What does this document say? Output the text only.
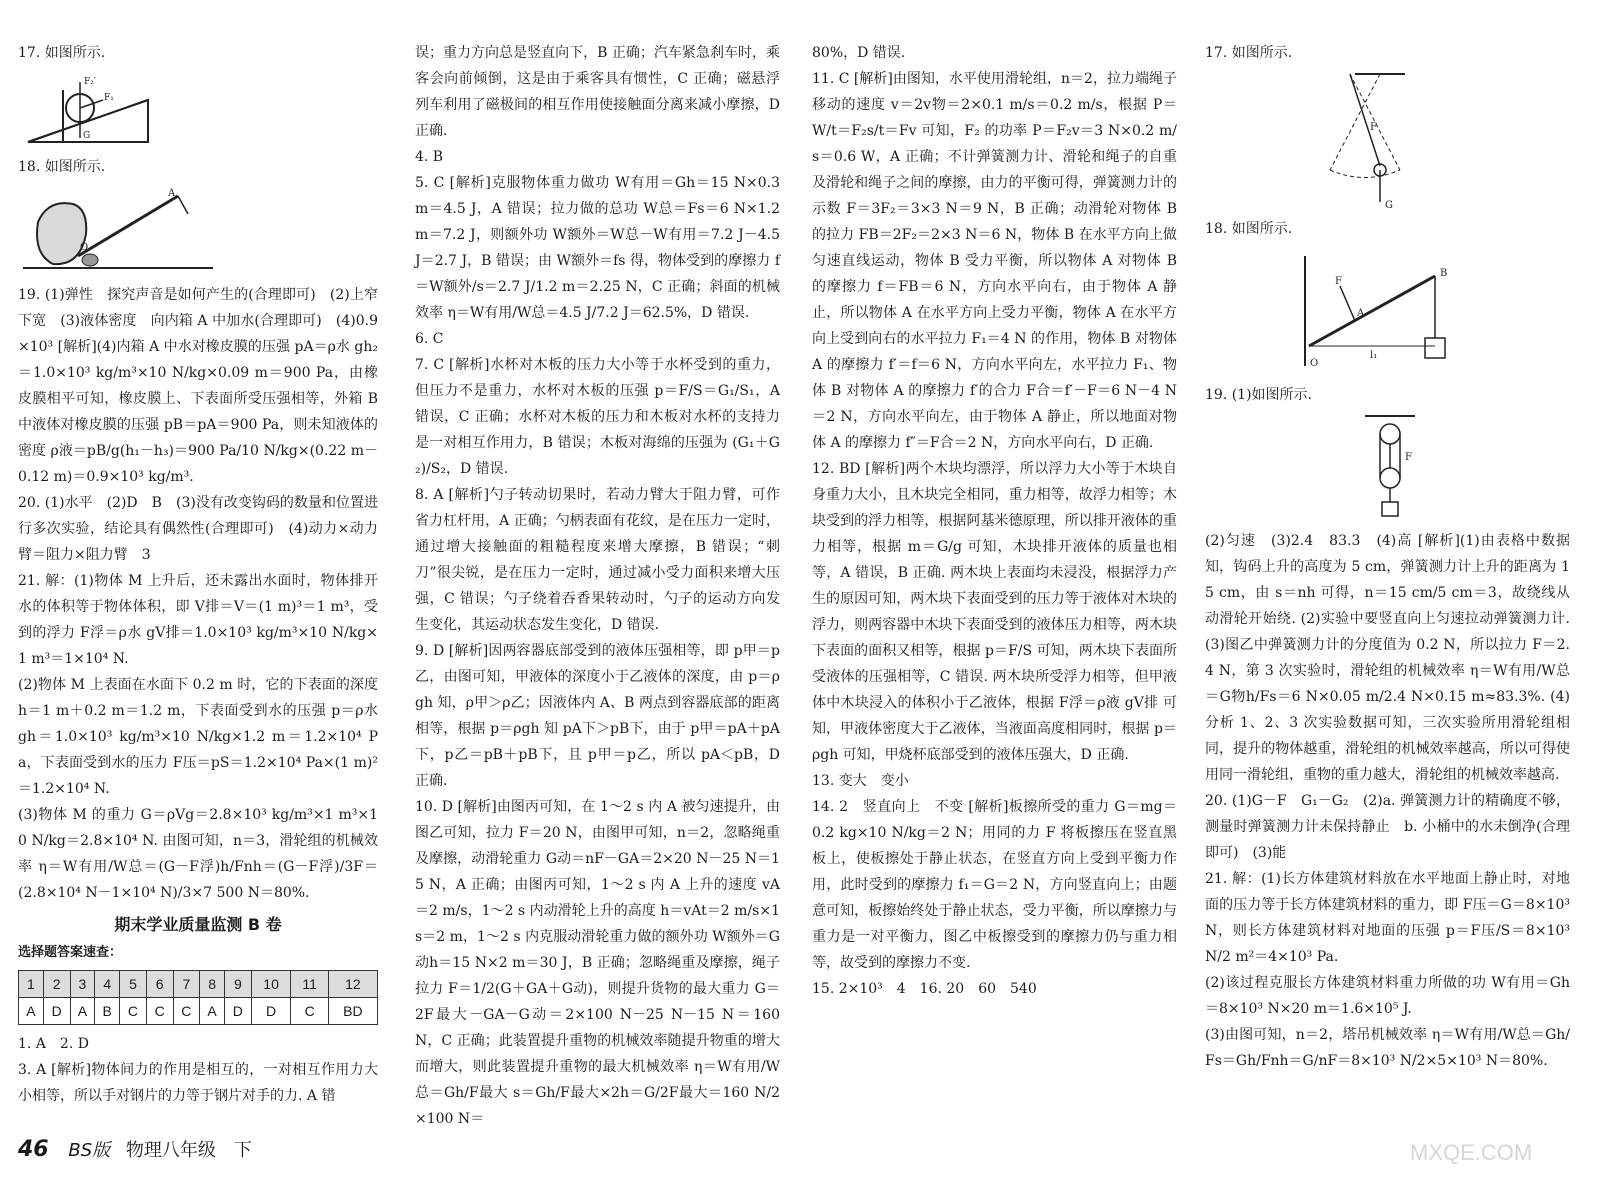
17. 如图所示.

F₂′
F₁
G

18. 如图所示.

O
A

19. (1)弹性　探究声音是如何产生的(合理即可)　(2)上窄下宽　(3)液体密度　向内箱 A 中加水(合理即可)　(4)0.9×10³ [解析](4)内箱 A 中水对橡皮膜的压强 pA＝ρ水 gh₂＝1.0×10³ kg/m³×10 N/kg×0.09 m＝900 Pa，由橡皮膜相平可知，橡皮膜上、下表面所受压强相等，外箱 B 中液体对橡皮膜的压强 pB＝pA＝900 Pa，则未知液体的密度 ρ液＝pB/g(h₁－h₃)＝900 Pa/10 N/kg×(0.22 m－0.12 m)＝0.9×10³ kg/m³.

20. (1)水平　(2)D　B　(3)没有改变钩码的数量和位置进行多次实验，结论具有偶然性(合理即可)　(4)动力×动力臂＝阻力×阻力臂　3

21. 解：(1)物体 M 上升后，还未露出水面时，物体排开水的体积等于物体体积，即 V排＝V＝(1 m)³＝1 m³，受到的浮力 F浮＝ρ水 gV排＝1.0×10³ kg/m³×10 N/kg×1 m³＝1×10⁴ N.
(2)物体 M 上表面在水面下 0.2 m 时，它的下表面的深度 h＝1 m＋0.2 m＝1.2 m，下表面受到水的压强 p＝ρ水 gh＝1.0×10³ kg/m³×10 N/kg×1.2 m＝1.2×10⁴ Pa，下表面受到水的压力 F压＝pS＝1.2×10⁴ Pa×(1 m)²＝1.2×10⁴ N.
(3)物体 M 的重力 G＝ρVg＝2.8×10³ kg/m³×1 m³×10 N/kg＝2.8×10⁴ N. 由图可知，n＝3，滑轮组的机械效率 η＝W有用/W总＝(G－F浮)h/Fnh＝(G－F浮)/3F＝(2.8×10⁴ N－1×10⁴ N)/3×7 500 N＝80%.

期末学业质量监测 B 卷
选择题答案速查：
1	2	3	4	5	6	7	8	9	10	11	12
A	D	A	B	C	C	C	A	D	D	C	BD

1. A　2. D

3. A [解析]物体间力的作用是相互的，一对相互作用力大小相等，所以手对钢片的力等于钢片对手的力. A 错

误；重力方向总是竖直向下，B 正确；汽车紧急刹车时，乘客会向前倾倒，这是由于乘客具有惯性，C 正确；磁悬浮列车利用了磁极间的相互作用使接触面分离来减小摩擦，D 正确.

4. B

5. C [解析]克服物体重力做功 W有用＝Gh＝15 N×0.3 m＝4.5 J，A 错误；拉力做的总功 W总＝Fs＝6 N×1.2 m＝7.2 J，则额外功 W额外＝W总－W有用＝7.2 J－4.5 J＝2.7 J，B 错误；由 W额外＝fs 得，物体受到的摩擦力 f＝W额外/s＝2.7 J/1.2 m＝2.25 N，C 正确；斜面的机械效率 η＝W有用/W总＝4.5 J/7.2 J＝62.5%，D 错误.

6. C

7. C [解析]水杯对木板的压力大小等于水杯受到的重力，但压力不是重力，水杯对木板的压强 p＝F/S＝G₁/S₁，A 错误，C 正确；水杯对木板的压力和木板对水杯的支持力是一对相互作用力，B 错误；木板对海绵的压强为 (G₁＋G₂)/S₂，D 错误.

8. A [解析]勺子转动切果时，若动力臂大于阻力臂，可作省力杠杆用，A 正确；勺柄表面有花纹，是在压力一定时，通过增大接触面的粗糙程度来增大摩擦，B 错误；“刺刀”很尖锐，是在压力一定时，通过减小受力面积来增大压强，C 错误；勺子绕着吞香果转动时，勺子的运动方向发生变化，其运动状态发生变化，D 错误.

9. D [解析]因两容器底部受到的液体压强相等，即 p甲＝p乙，由图可知，甲液体的深度小于乙液体的深度，由 p＝ρgh 知，ρ甲＞ρ乙；因液体内 A、B 两点到容器底部的距离相等，根据 p＝ρgh 知 pA下＞pB下，由于 p甲＝pA＋pA下，p乙＝pB＋pB下，且 p甲＝p乙，所以 pA＜pB，D 正确.

10. D [解析]由图丙可知，在 1～2 s 内 A 被匀速提升，由图乙可知，拉力 F＝20 N，由图甲可知，n＝2，忽略绳重及摩擦，动滑轮重力 G动＝nF－GA＝2×20 N－25 N＝15 N，A 正确；由图丙可知，1～2 s 内 A 上升的速度 vA＝2 m/s，1～2 s 内动滑轮上升的高度 h＝vAt＝2 m/s×1 s＝2 m，1～2 s 内克服动滑轮重力做的额外功 W额外＝G动h＝15 N×2 m＝30 J，B 正确；忽略绳重及摩擦，绳子拉力 F＝1/2(G＋GA＋G动)，则提升货物的最大重力 G＝2F最大－GA－G动＝2×100 N－25 N－15 N＝160 N，C 正确；此装置提升重物的机械效率随提升物重的增大而增大，则此装置提升重物的最大机械效率 η＝W有用/W总＝Gh/F最大 s＝Gh/F最大×2h＝G/2F最大＝160 N/2×100 N＝

80%，D 错误.

11. C [解析]由图知，水平使用滑轮组，n＝2，拉力端绳子移动的速度 v＝2v物＝2×0.1 m/s＝0.2 m/s，根据 P＝W/t＝F₂s/t＝Fv 可知，F₂ 的功率 P＝F₂v＝3 N×0.2 m/s＝0.6 W，A 正确；不计弹簧测力计、滑轮和绳子的自重及滑轮和绳子之间的摩擦，由力的平衡可得，弹簧测力计的示数 F＝3F₂＝3×3 N＝9 N，B 正确；动滑轮对物体 B 的拉力 FB＝2F₂＝2×3 N＝6 N，物体 B 在水平方向上做匀速直线运动，物体 B 受力平衡，所以物体 A 对物体 B 的摩擦力 f＝FB＝6 N，方向水平向右，由于物体 A 静止，所以物体 A 在水平方向上受力平衡，物体 A 在水平方向上受到向右的水平拉力 F₁＝4 N 的作用，物体 B 对物体 A 的摩擦力 f′＝f＝6 N，方向水平向左，水平拉力 F₁、物体 B 对物体 A 的摩擦力 f′的合力 F合＝f′－F＝6 N－4 N＝2 N，方向水平向左，由于物体 A 静止，所以地面对物体 A 的摩擦力 f″＝F合＝2 N，方向水平向右，D 正确.

12. BD [解析]两个木块均漂浮，所以浮力大小等于木块自身重力大小，且木块完全相同，重力相等，故浮力相等；木块受到的浮力相等，根据阿基米德原理，所以排开液体的重力相等，根据 m＝G/g 可知，木块排开液体的质量也相等，A 错误，B 正确. 两木块上表面均未浸没，根据浮力产生的原因可知，两木块下表面受到的压力等于液体对木块的浮力，则两容器中木块下表面受到的液体压力相等，两木块下表面的面积又相等，根据 p＝F/S 可知，两木块下表面所受液体的压强相等，C 错误. 两木块所受浮力相等，但甲液体中木块浸入的体积小于乙液体，根据 F浮＝ρ液 gV排 可知，甲液体密度大于乙液体，当液面高度相同时，根据 p＝ρgh 可知，甲烧杯底部受到的液体压强大，D 正确.

13. 变大　变小

14. 2　竖直向上　不变 [解析]板擦所受的重力 G＝mg＝0.2 kg×10 N/kg＝2 N；用同的力 F 将板擦压在竖直黑板上，使板擦处于静止状态，在竖直方向上受到平衡力作用，此时受到的摩擦力 f₁＝G＝2 N，方向竖直向上；由题意可知，板擦始终处于静止状态，受力平衡，所以摩擦力与重力是一对平衡力，图乙中板擦受到的摩擦力仍与重力相等，故受到的摩擦力不变.

15. 2×10³　4　16. 20　60　540

17. 如图所示.

F
G

18. 如图所示.

O
F
B
A
l₁

19. (1)如图所示.

F

(2)匀速　(3)2.4　83.3　(4)高 [解析](1)由表格中数据知，钩码上升的高度为 5 cm，弹簧测力计上升的距离为 15 cm，由 s＝nh 可得，n＝15 cm/5 cm＝3，故绕线从动滑轮开始绕. (2)实验中要竖直向上匀速拉动弹簧测力计. (3)图乙中弹簧测力计的分度值为 0.2 N，所以拉力 F＝2.4 N，第 3 次实验时，滑轮组的机械效率 η＝W有用/W总＝G物h/Fs＝6 N×0.05 m/2.4 N×0.15 m≈83.3%. (4)分析 1、2、3 次实验数据可知，三次实验所用滑轮组相同，提升的物体越重，滑轮组的机械效率越高，所以可得使用同一滑轮组，重物的重力越大，滑轮组的机械效率越高.

20. (1)G－F　G₁－G₂　(2)a. 弹簧测力计的精确度不够，测量时弹簧测力计未保持静止　b. 小桶中的水未倒净(合理即可)　(3)能

21. 解：(1)长方体建筑材料放在水平地面上静止时，对地面的压力等于长方体建筑材料的重力，即 F压＝G＝8×10³ N，则长方体建筑材料对地面的压强 p＝F压/S＝8×10³ N/2 m²＝4×10³ Pa.
(2)该过程克服长方体建筑材料重力所做的功 W有用＝Gh＝8×10³ N×20 m＝1.6×10⁵ J.
(3)由图可知，n＝2，塔吊机械效率 η＝W有用/W总＝Gh/Fs＝Gh/Fnh＝G/nF＝8×10³ N/2×5×10³ N＝80%.

46 BS版 物理八年级　下	MXQE.COM
